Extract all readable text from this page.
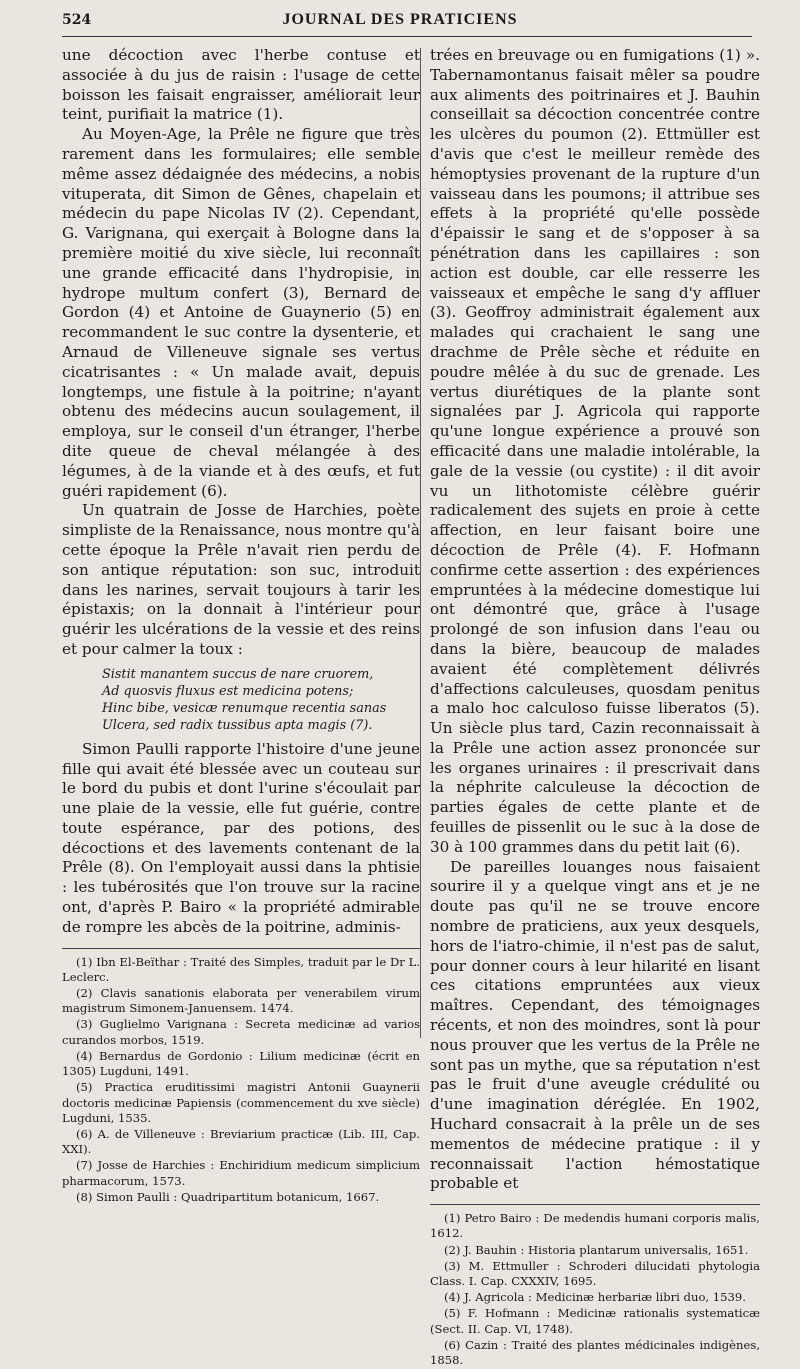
524	JOURNAL DES PRATICIENS

une décoction avec l'herbe contuse et associée à du jus de raisin : l'usage de cette boisson les faisait engraisser, améliorait leur teint, purifiait la matrice (1).

Au Moyen-Age, la Prêle ne figure que très rarement dans les formulaires; elle semble même assez dédaignée des médecins, a nobis vituperata, dit Simon de Gênes, chapelain et médecin du pape Nicolas IV (2). Cependant, G. Varignana, qui exerçait à Bologne dans la première moitié du xive siècle, lui reconnaît une grande efficacité dans l'hydropisie, in hydrope multum confert (3), Bernard de Gordon (4) et Antoine de Guaynerio (5) en recommandent le suc contre la dysenterie, et Arnaud de Villeneuve signale ses vertus cicatrisantes : « Un malade avait, depuis longtemps, une fistule à la poitrine; n'ayant obtenu des médecins aucun soulagement, il employa, sur le conseil d'un étranger, l'herbe dite queue de cheval mélangée à des légumes, à de la viande et à des œufs, et fut guéri rapidement (6).

Un quatrain de Josse de Harchies, poète simpliste de la Renaissance, nous montre qu'à cette époque la Prêle n'avait rien perdu de son antique réputation: son suc, introduit dans les narines, servait toujours à tarir les épistaxis; on la donnait à l'intérieur pour guérir les ulcérations de la vessie et des reins et pour calmer la toux :

Sistit manantem succus de nare cruorem,
Ad quosvis fluxus est medicina potens;
Hinc bibe, vesicæ renumque recentia sanas
Ulcera, sed radix tussibus apta magis (7).

Simon Paulli rapporte l'histoire d'une jeune fille qui avait été blessée avec un couteau sur le bord du pubis et dont l'urine s'écoulait par une plaie de la vessie, elle fut guérie, contre toute espérance, par des potions, des décoctions et des lavements contenant de la Prêle (8). On l'employait aussi dans la phtisie : les tubérosités que l'on trouve sur la racine ont, d'après P. Bairo « la propriété admirable de rompre les abcès de la poitrine, adminis-

(1) Ibn El-Beïthar : Traité des Simples, traduit par le Dr L. Leclerc.
(2) Clavis sanationis elaborata per venerabilem virum magistrum Simonem-Januensem. 1474.
(3) Guglielmo Varignana : Secreta medicinæ ad varios curandos morbos, 1519.
(4) Bernardus de Gordonio : Lilium medicinæ (écrit en 1305) Lugduni, 1491.
(5) Practica eruditissimi magistri Antonii Guaynerii doctoris medicinæ Papiensis (commencement du xve siècle) Lugduni, 1535.
(6) A. de Villeneuve : Breviarium practicæ (Lib. III, Cap. XXI).
(7) Josse de Harchies : Enchiridium medicum simplicium pharmacorum, 1573.
(8) Simon Paulli : Quadripartitum botanicum, 1667.

trées en breuvage ou en fumigations (1) ». Tabernamontanus faisait mêler sa poudre aux aliments des poitrinaires et J. Bauhin conseillait sa décoction concentrée contre les ulcères du poumon (2). Ettmüller est d'avis que c'est le meilleur remède des hémoptysies provenant de la rupture d'un vaisseau dans les poumons; il attribue ses effets à la propriété qu'elle possède d'épaissir le sang et de s'opposer à sa pénétration dans les capillaires : son action est double, car elle resserre les vaisseaux et empêche le sang d'y affluer (3). Geoffroy administrait également aux malades qui crachaient le sang une drachme de Prêle sèche et réduite en poudre mêlée à du suc de grenade. Les vertus diurétiques de la plante sont signalées par J. Agricola qui rapporte qu'une longue expérience a prouvé son efficacité dans une maladie intolérable, la gale de la vessie (ou cystite) : il dit avoir vu un lithotomiste célèbre guérir radicalement des sujets en proie à cette affection, en leur faisant boire une décoction de Prêle (4). F. Hofmann confirme cette assertion : des expériences empruntées à la médecine domestique lui ont démontré que, grâce à l'usage prolongé de son infusion dans l'eau ou dans la bière, beaucoup de malades avaient été complètement délivrés d'affections calculeuses, quosdam penitus a malo hoc calculoso fuisse liberatos (5). Un siècle plus tard, Cazin reconnaissait à la Prêle une action assez prononcée sur les organes urinaires : il prescrivait dans la néphrite calculeuse la décoction de parties égales de cette plante et de feuilles de pissenlit ou le suc à la dose de 30 à 100 grammes dans du petit lait (6).

De pareilles louanges nous faisaient sourire il y a quelque vingt ans et je ne doute pas qu'il ne se trouve encore nombre de praticiens, aux yeux desquels, hors de l'iatro-chimie, il n'est pas de salut, pour donner cours à leur hilarité en lisant ces citations empruntées aux vieux maîtres. Cependant, des témoignages récents, et non des moindres, sont là pour nous prouver que les vertus de la Prêle ne sont pas un mythe, que sa réputation n'est pas le fruit d'une aveugle crédulité ou d'une imagination déréglée. En 1902, Huchard consacrait à la prêle un de ses mementos de médecine pratique : il y reconnaissait l'action hémostatique probable et

(1) Petro Bairo : De medendis humani corporis malis, 1612.
(2) J. Bauhin : Historia plantarum universalis, 1651.
(3) M. Ettmuller : Schroderi dilucidati phytologia Class. I. Cap. CXXXIV, 1695.
(4) J. Agricola : Medicinæ herbariæ libri duo, 1539.
(5) F. Hofmann : Medicinæ rationalis systematicæ (Sect. II. Cap. VI, 1748).
(6) Cazin : Traité des plantes médicinales indigènes, 1858.
